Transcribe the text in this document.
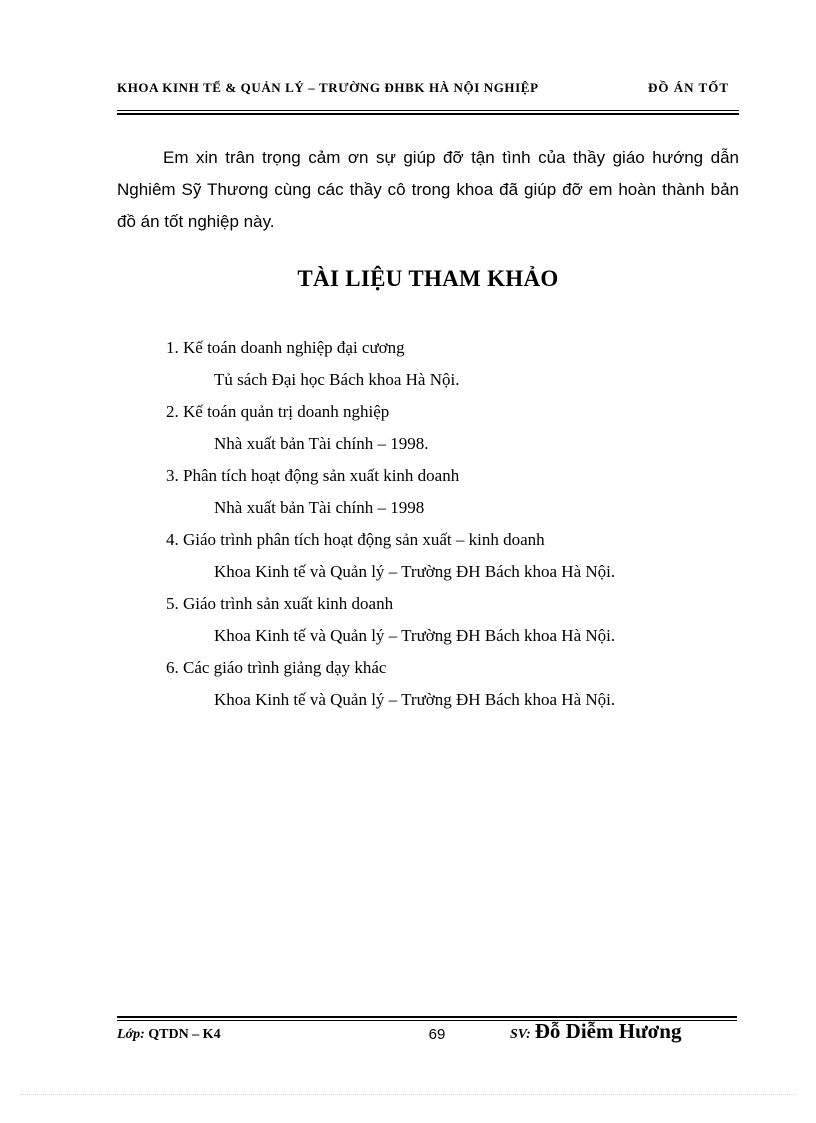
KHOA KINH TẾ & QUẢN LÝ – TRƯỜNG ĐHBK HÀ NỘI NGHIỆP	ĐỒ ÁN TỐT
Em xin trân trọng cảm ơn sự giúp đỡ tận tình của thầy giáo hướng dẫn Nghiêm Sỹ Thương cùng các thầy cô trong khoa đã giúp đỡ em hoàn thành bản đồ án tốt nghiệp này.
TÀI LIỆU THAM KHẢO
1. Kế toán doanh nghiệp đại cương
Tủ sách Đại học Bách khoa Hà Nội.
2. Kế toán quản trị doanh nghiệp
Nhà xuất bản Tài chính – 1998.
3. Phân tích hoạt động sản xuất kinh doanh
Nhà xuất bản Tài chính – 1998
4. Giáo trình phân tích hoạt động sản xuất – kinh doanh
Khoa Kinh tế và Quản lý – Trường ĐH Bách khoa Hà Nội.
5. Giáo trình sản xuất kinh doanh
Khoa Kinh tế và Quản lý – Trường ĐH Bách khoa Hà Nội.
6. Các giáo trình giảng dạy khác
Khoa Kinh tế và Quản lý – Trường ĐH Bách khoa Hà Nội.
Lớp: QTDN – K4	69	SV: Đỗ Diễm Hương
